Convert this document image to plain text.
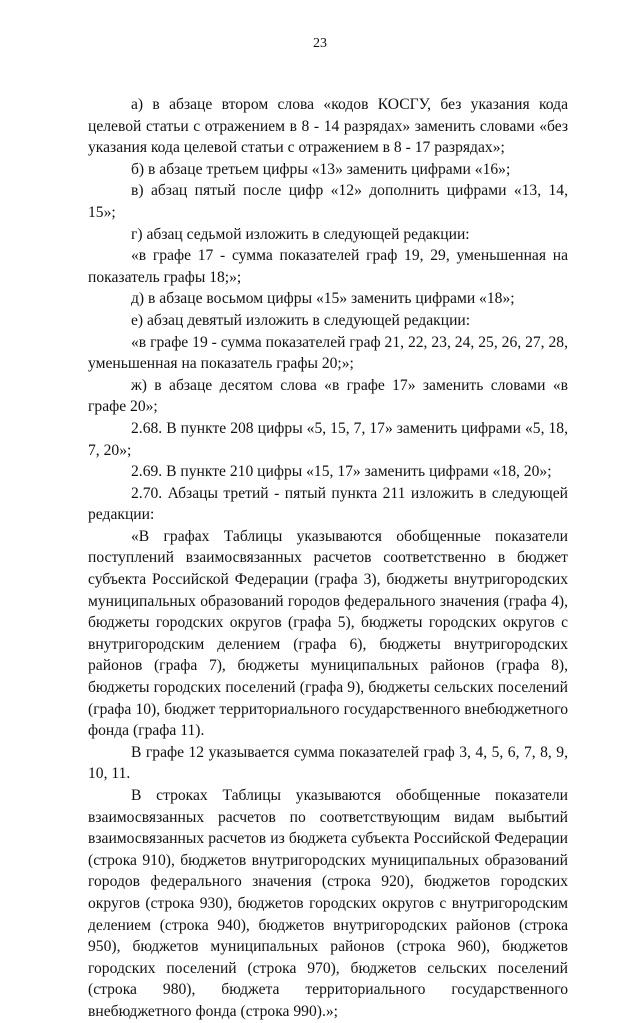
23

а) в абзаце втором слова «кодов КОСГУ, без указания кода целевой статьи с отражением в 8 - 14 разрядах» заменить словами «без указания кода целевой статьи с отражением в 8 - 17 разрядах»;

б) в абзаце третьем цифры «13» заменить цифрами «16»;

в) абзац пятый после цифр «12» дополнить цифрами «13, 14, 15»;

г) абзац седьмой изложить в следующей редакции:

«в графе 17 - сумма показателей граф 19, 29, уменьшенная на показатель графы 18;»;

д) в абзаце восьмом цифры «15» заменить цифрами «18»;

е) абзац девятый изложить в следующей редакции:

«в графе 19 - сумма показателей граф 21, 22, 23, 24, 25, 26, 27, 28, уменьшенная на показатель графы 20;»;

ж) в абзаце десятом слова «в графе 17» заменить словами «в графе 20»;

2.68. В пункте 208 цифры «5, 15, 7, 17» заменить цифрами «5, 18, 7, 20»;

2.69. В пункте 210 цифры «15, 17» заменить цифрами «18, 20»;

2.70. Абзацы третий - пятый пункта 211 изложить в следующей редакции:

«В графах Таблицы указываются обобщенные показатели поступлений взаимосвязанных расчетов соответственно в бюджет субъекта Российской Федерации (графа 3), бюджеты внутригородских муниципальных образований городов федерального значения (графа 4), бюджеты городских округов (графа 5), бюджеты городских округов с внутригородским делением (графа 6), бюджеты внутригородских районов (графа 7), бюджеты муниципальных районов (графа 8), бюджеты городских поселений (графа 9), бюджеты сельских поселений (графа 10), бюджет территориального государственного внебюджетного фонда (графа 11).

В графе 12 указывается сумма показателей граф 3, 4, 5, 6, 7, 8, 9, 10, 11.

В строках Таблицы указываются обобщенные показатели взаимосвязанных расчетов по соответствующим видам выбытий взаимосвязанных расчетов из бюджета субъекта Российской Федерации (строка 910), бюджетов внутригородских муниципальных образований городов федерального значения (строка 920), бюджетов городских округов (строка 930), бюджетов городских округов с внутригородским делением (строка 940), бюджетов внутригородских районов (строка 950), бюджетов муниципальных районов (строка 960), бюджетов городских поселений (строка 970), бюджетов сельских поселений (строка 980), бюджета территориального государственного внебюджетного фонда (строка 990).»;
